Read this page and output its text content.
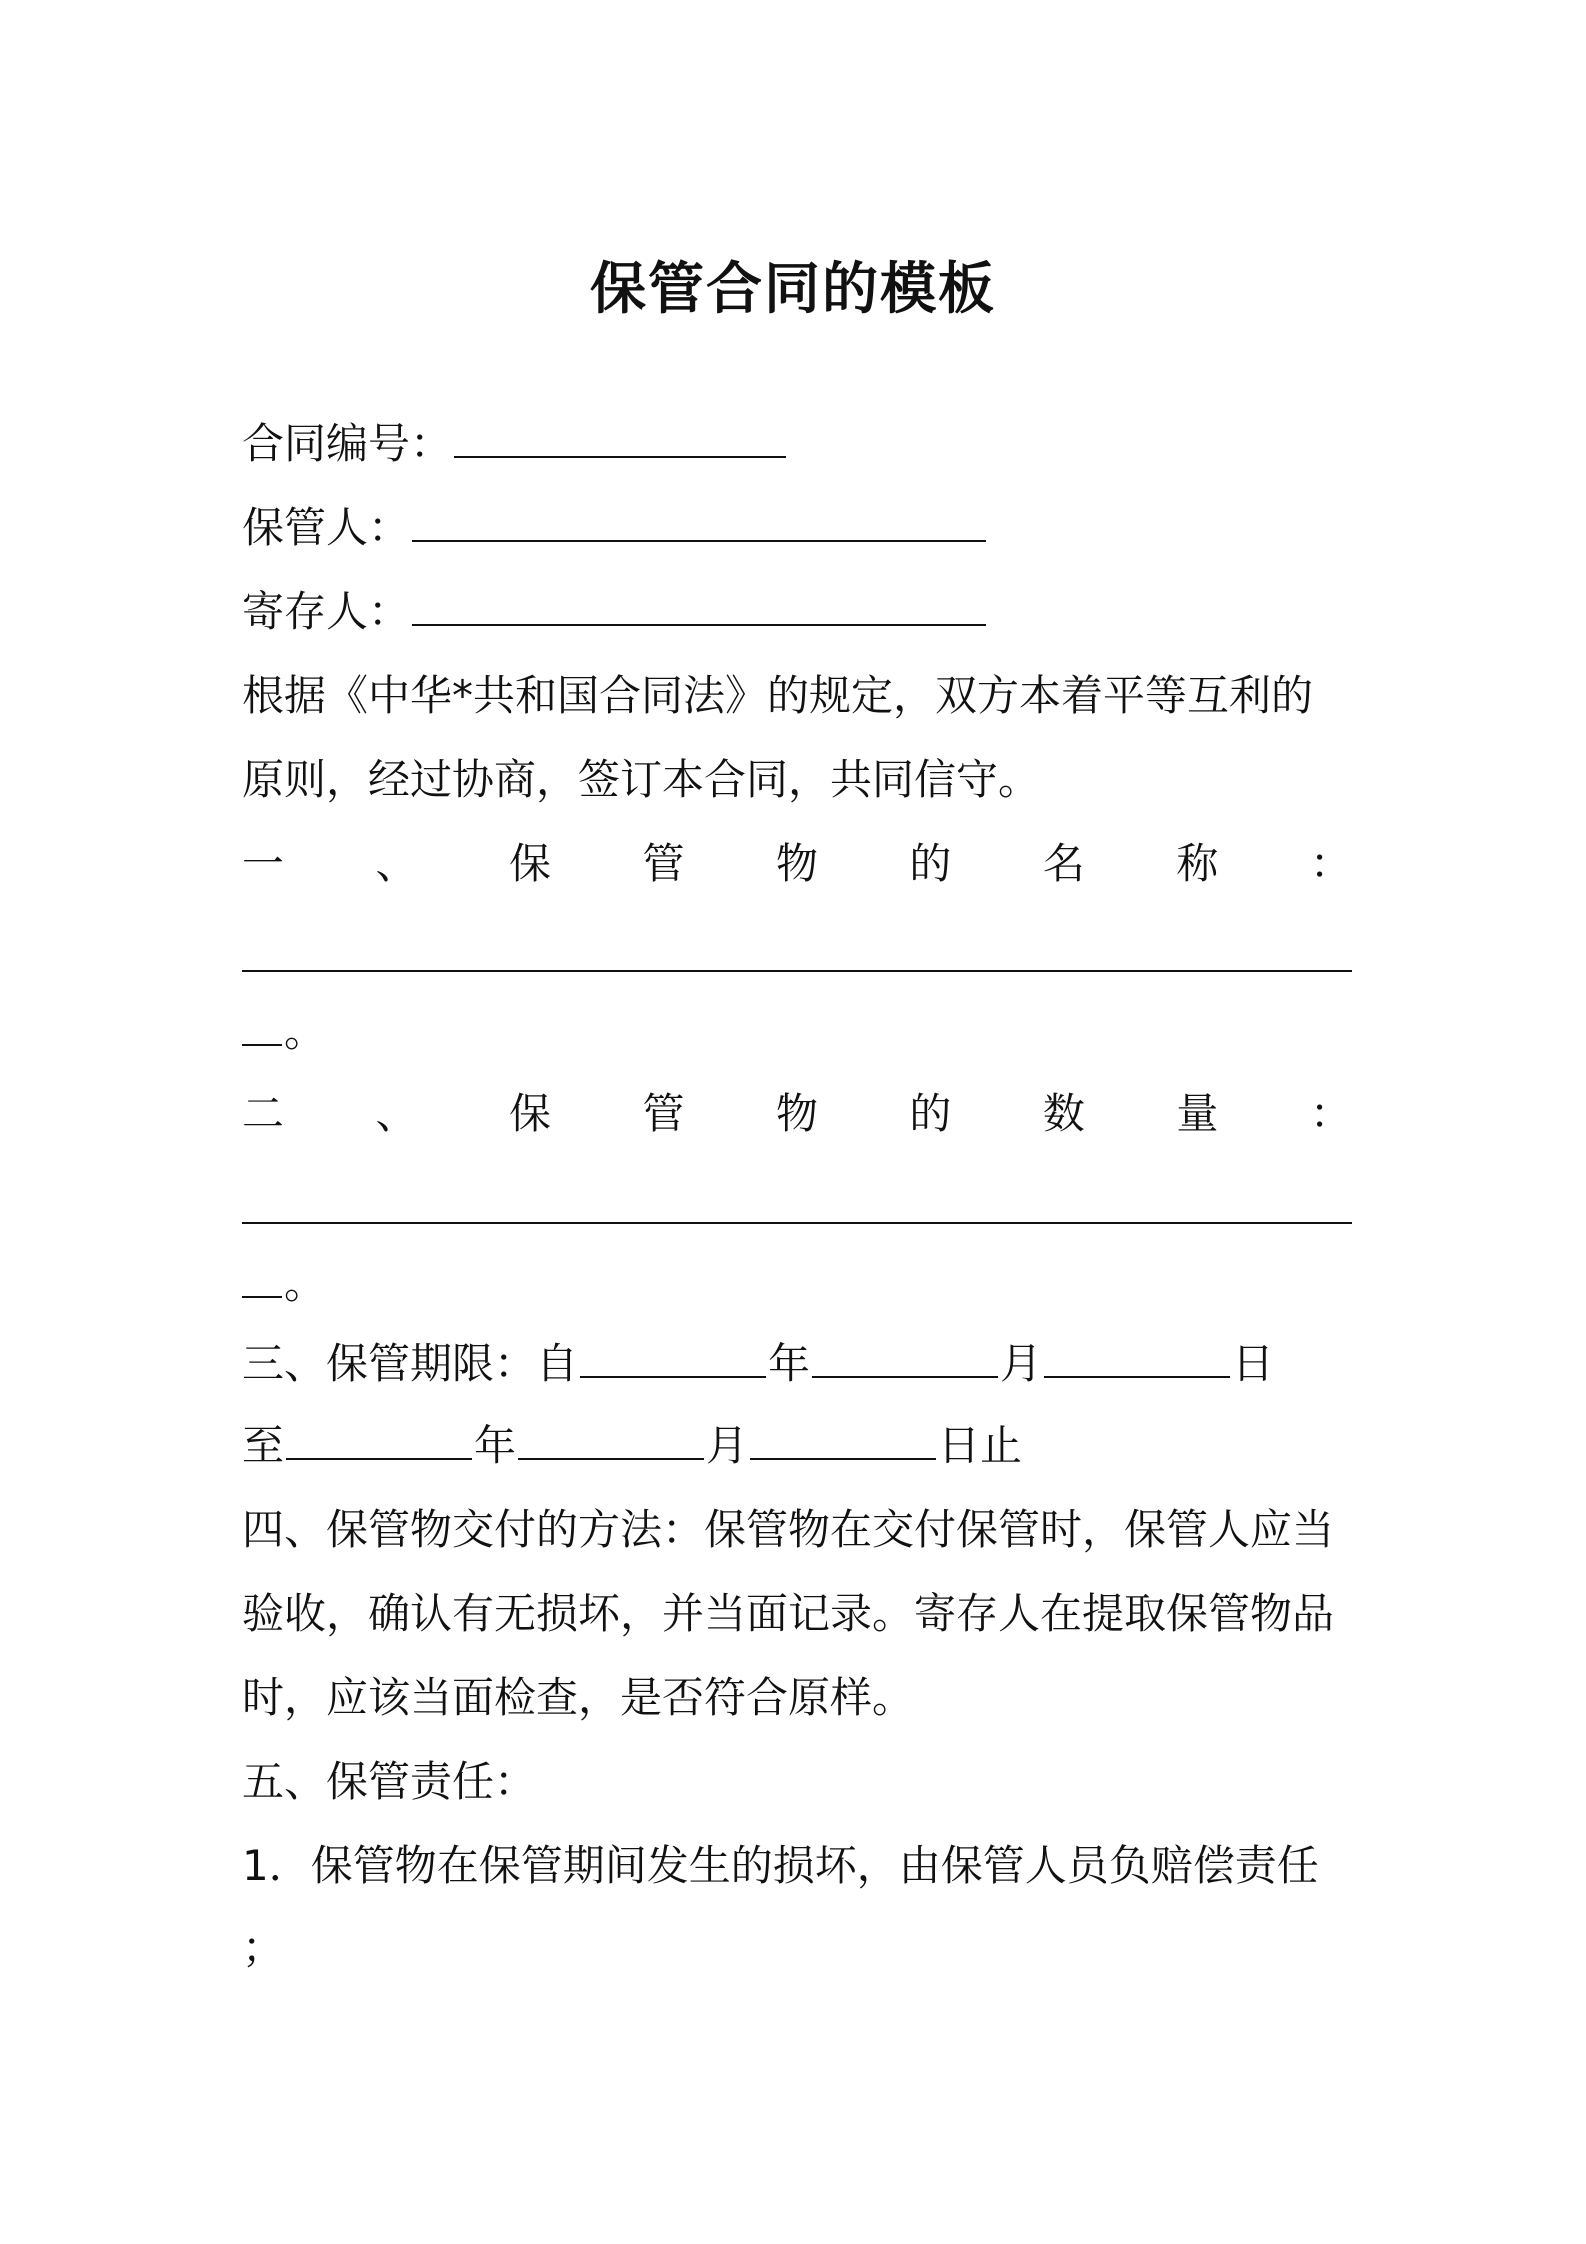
保管合同的模板
合同编号：
保管人：
寄存人：
根据《中华*共和国合同法》的规定，双方本着平等互利的
原则，经过协商，签订本合同，共同信守。
一 、 保 管 物 的 名 称 ：
。
二 、 保 管 物 的 数 量 ：
。
三、保管期限：自	年	月	日
至	年	月	日止
四、保管物交付的方法：保管物在交付保管时，保管人应当
验收，确认有无损坏，并当面记录。寄存人在提取保管物品
时，应该当面检查，是否符合原样。
五、保管责任：
1．保管物在保管期间发生的损坏，由保管人员负赔偿责任
；
